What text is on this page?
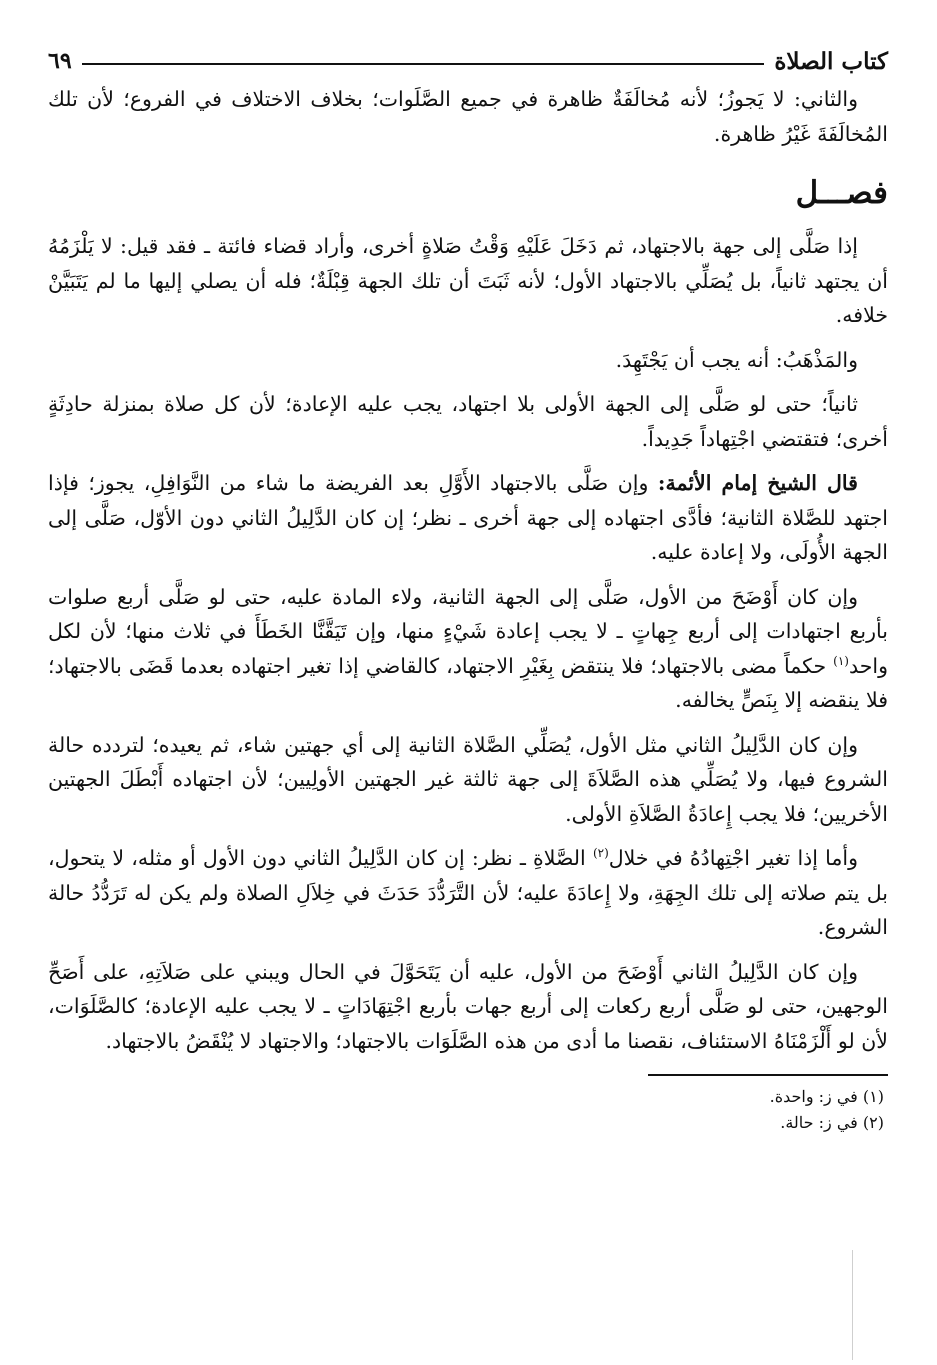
كتاب الصلاة
٦٩

والثاني: لا يَجوزُ؛ لأنه مُخالَفَةٌ ظاهرة في جميع الصَّلَوات؛ بخلاف الاختلاف في الفروع؛ لأن تلك المُخالَفَةَ غَيْرُ ظاهرة.

فصـــل

إذا صَلَّى إلى جهة بالاجتهاد، ثم دَخَلَ عَلَيْهِ وَقْتُ صَلاةٍ أخرى، وأراد قضاء فائتة ـ فقد قيل: لا يَلْزَمُهُ أن يجتهد ثانياً، بل يُصَلِّي بالاجتهاد الأول؛ لأنه ثَبَتَ أن تلك الجهة قِبْلَةٌ؛ فله أن يصلي إليها ما لم يَتَبَيَّنْ خلافه.

والمَذْهَبُ: أنه يجب أن يَجْتَهِدَ.

ثانياً؛ حتى لو صَلَّى إلى الجهة الأولى بلا اجتهاد، يجب عليه الإعادة؛ لأن كل صلاة بمنزلة حادِثَةٍ أخرى؛ فتقتضي اجْتِهاداً جَدِيداً.

قال الشيخ إمام الأئمة: وإن صَلَّى بالاجتهاد الأَوَّلِ بعد الفريضة ما شاء من النَّوَافِلِ، يجوز؛ فإذا اجتهد للصَّلاة الثانية؛ فأدَّى اجتهاده إلى جهة أخرى ـ نظر؛ إن كان الدَّلِيلُ الثاني دون الأوّل، صَلَّى إلى الجهة الأُولَى، ولا إعادة عليه.

وإن كان أَوْضَحَ من الأول، صَلَّى إلى الجهة الثانية، ولاء المادة عليه، حتى لو صَلَّى أربع صلوات بأربع اجتهادات إلى أربع جِهاتٍ ـ لا يجب إعادة شَيْءٍ منها، وإن تَيَقَّنَّا الخَطَأَ في ثلاث منها؛ لأن لكل واحد$^{(١)}$ حكماً مضى بالاجتهاد؛ فلا ينتقض بِغَيْرِ الاجتهاد، كالقاضي إذا تغير اجتهاده بعدما قَضَى بالاجتهاد؛ فلا ينقضه إلا بِنَصٍّ يخالفه.

وإن كان الدَّلِيلُ الثاني مثل الأول، يُصَلِّي الصَّلاة الثانية إلى أي جهتين شاء، ثم يعيده؛ لتردده حالة الشروع فيها، ولا يُصَلِّي هذه الصَّلاَةَ إلى جهة ثالثة غير الجهتين الأولِيين؛ لأن اجتهاده أَبْطَلَ الجهتين الأخريين؛ فلا يجب إِعادَةُ الصَّلاَةِ الأولى.

وأما إذا تغير اجْتِهادُهُ في خلال$^{(٢)}$ الصَّلاةِ ـ نظر: إن كان الدَّلِيلُ الثاني دون الأول أو مثله، لا يتحول، بل يتم صلاته إلى تلك الجِهَةِ، ولا إِعادَةَ عليه؛ لأن التَّرَدُّدَ حَدَثَ في خِلاَلِ الصلاة ولم يكن له تَرَدُّدُ حالة الشروع.

وإن كان الدَّلِيلُ الثاني أَوْضَحَ من الأول، عليه أن يَتَحَوَّلَ في الحال ويبني على صَلاَتِهِ، على أَصَحِّ الوجهين، حتى لو صَلَّى أربع ركعات إلى أربع جهات بأربع اجْتِهَادَاتٍ ـ لا يجب عليه الإعادة؛ كالصَّلَوَات، لأن لو أَلْزَمْنَاهُ الاستئناف، نقصنا ما أدى من هذه الصَّلَوَات بالاجتهاد؛ والاجتهاد لا يُنْقَضُ بالاجتهاد.

(١) في ز: واحدة.

(٢) في ز: حالة.
